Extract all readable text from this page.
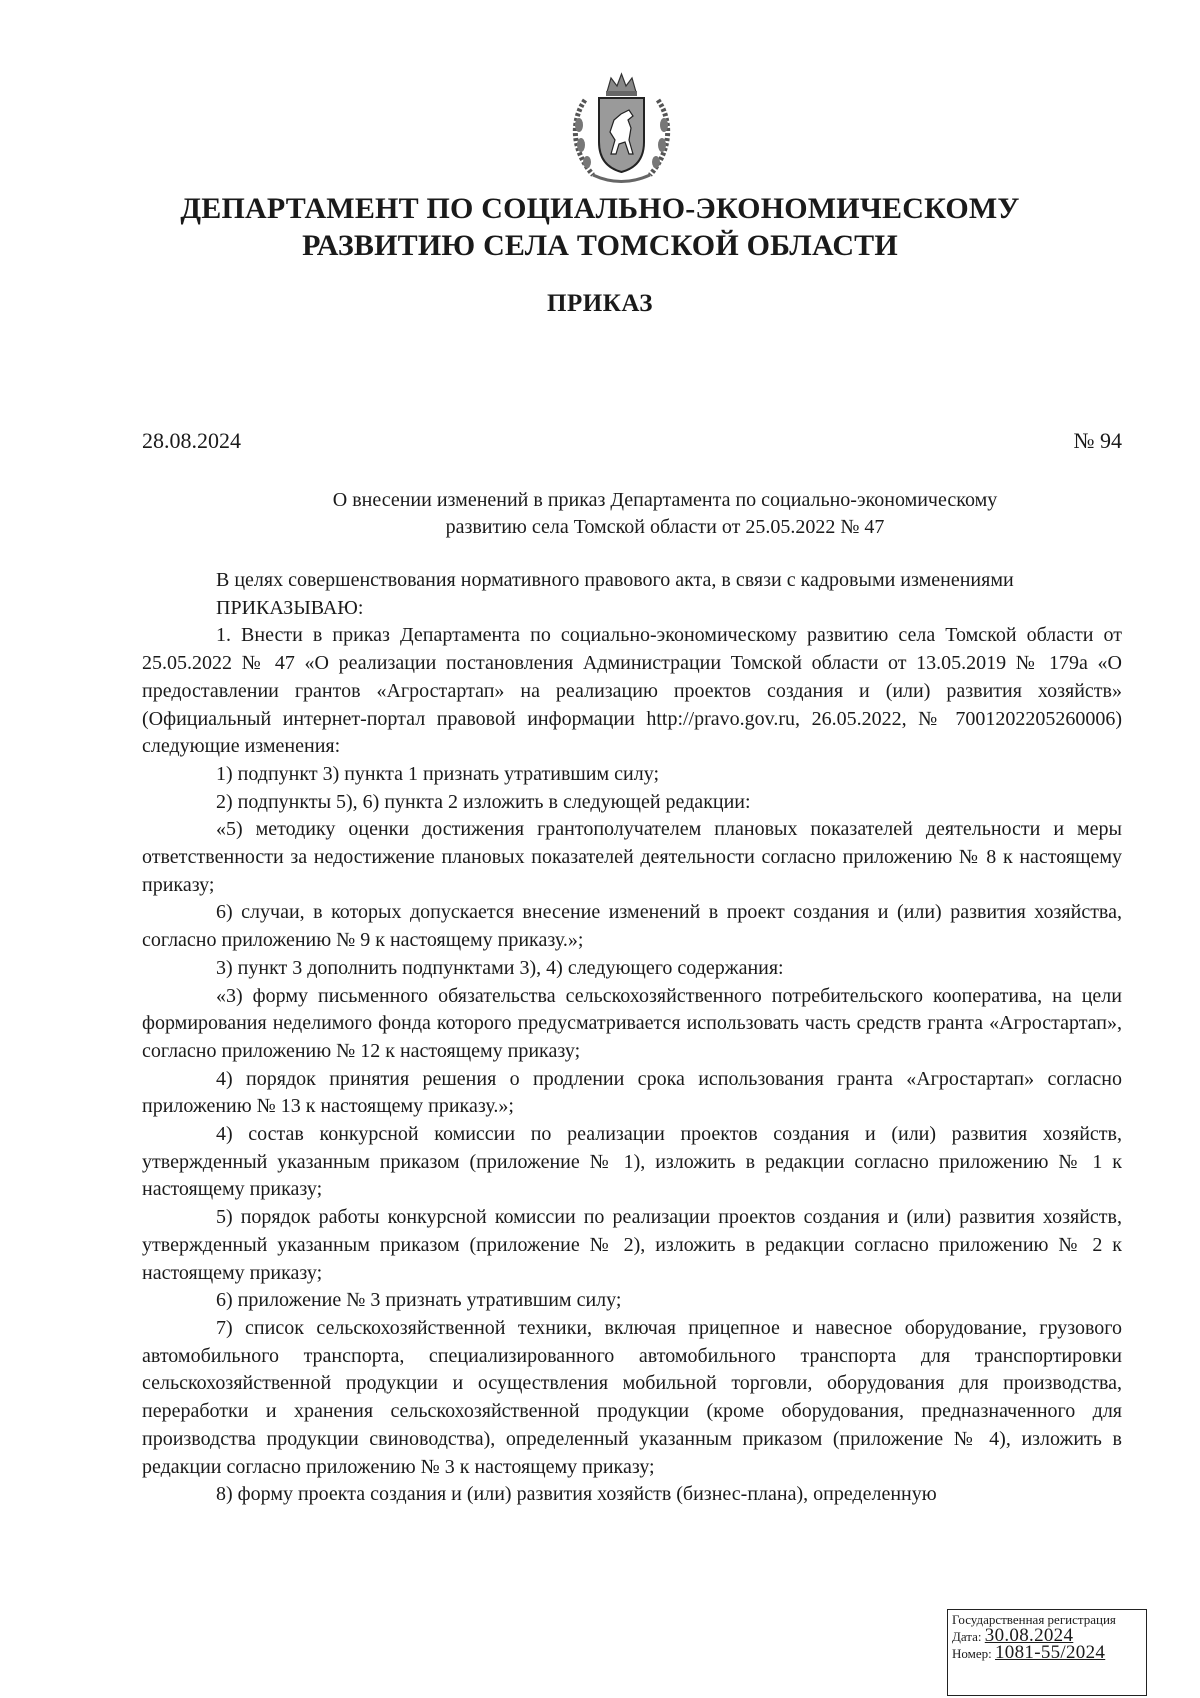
ДЕПАРТАМЕНТ ПО СОЦИАЛЬНО-ЭКОНОМИЧЕСКОМУ
РАЗВИТИЮ СЕЛА ТОМСКОЙ ОБЛАСТИ
ПРИКАЗ
28.08.2024	№ 94
О внесении изменений в приказ Департамента по социально-экономическому
развитию села Томской области от 25.05.2022 № 47

В целях совершенствования нормативного правового акта, в связи с кадровыми изменениями

ПРИКАЗЫВАЮ:

1. Внести в приказ Департамента по социально-экономическому развитию села Томской области от 25.05.2022 № 47 «О реализации постановления Администрации Томской области от 13.05.2019 № 179а «О предоставлении грантов «Агростартап» на реализацию проектов создания и (или) развития хозяйств» (Официальный интернет-портал правовой информации http://pravo.gov.ru, 26.05.2022, № 7001202205260006) следующие изменения:

1) подпункт 3) пункта 1 признать утратившим силу;

2) подпункты 5), 6) пункта 2 изложить в следующей редакции:

«5) методику оценки достижения грантополучателем плановых показателей деятельности и меры ответственности за недостижение плановых показателей деятельности согласно приложению № 8 к настоящему приказу;

6) случаи, в которых допускается внесение изменений в проект создания и (или) развития хозяйства, согласно приложению № 9 к настоящему приказу.»;

3) пункт 3 дополнить подпунктами 3), 4) следующего содержания:

«3) форму письменного обязательства сельскохозяйственного потребительского кооператива, на цели формирования неделимого фонда которого предусматривается использовать часть средств гранта «Агростартап», согласно приложению № 12 к настоящему приказу;

4) порядок принятия решения о продлении срока использования гранта «Агростартап» согласно приложению № 13 к настоящему приказу.»;

4) состав конкурсной комиссии по реализации проектов создания и (или) развития хозяйств, утвержденный указанным приказом (приложение № 1), изложить в редакции согласно приложению № 1 к настоящему приказу;

5) порядок работы конкурсной комиссии по реализации проектов создания и (или) развития хозяйств, утвержденный указанным приказом (приложение № 2), изложить в редакции согласно приложению № 2 к настоящему приказу;

6) приложение № 3 признать утратившим силу;

7) список сельскохозяйственной техники, включая прицепное и навесное оборудование, грузового автомобильного транспорта, специализированного автомобильного транспорта для транспортировки сельскохозяйственной продукции и осуществления мобильной торговли, оборудования для производства, переработки и хранения сельскохозяйственной продукции (кроме оборудования, предназначенного для производства продукции свиноводства), определенный указанным приказом (приложение № 4), изложить в редакции согласно приложению № 3 к настоящему приказу;

8) форму проекта создания и (или) развития хозяйств (бизнес-плана), определенную

Государственная регистрация
Дата: 30.08.2024
Номер: 1081-55/2024
